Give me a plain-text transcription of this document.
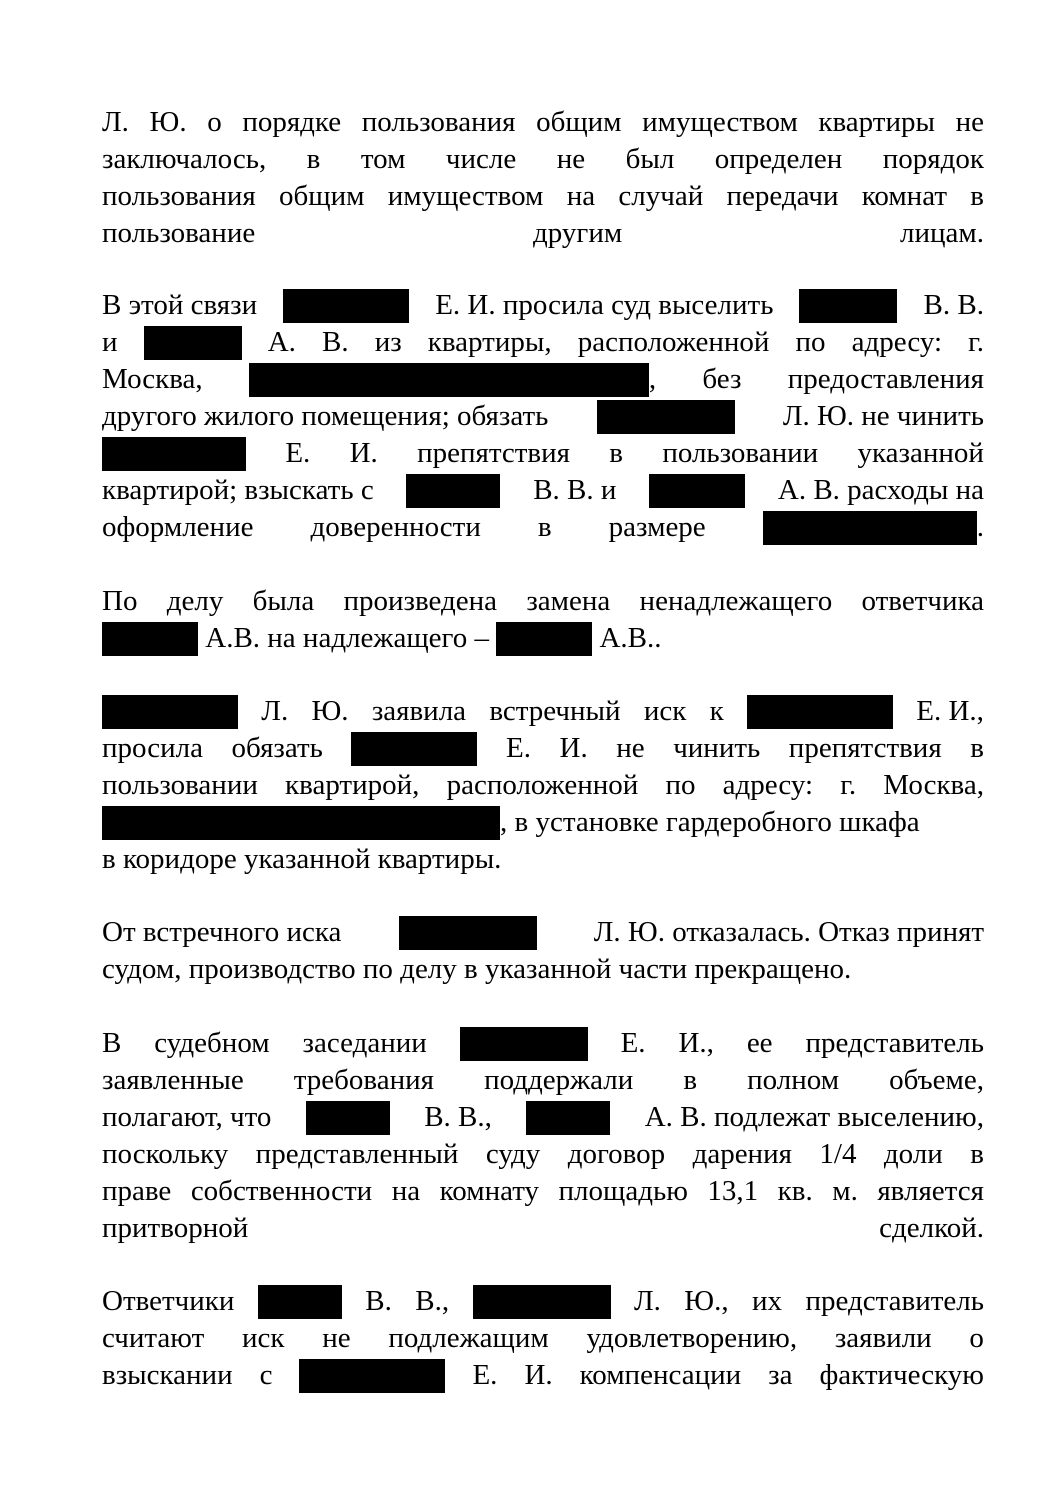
Л. Ю. о порядке пользования общим имуществом квартиры не
заключалось, в том числе не был определен порядок
пользования общим имуществом на случай передачи комнат в
пользование	другим	лицам.
В этой связи	Е. И. просила суд выселить	В. В.
и	А. В. из квартиры, расположенной по адресу: г.
Москва,	, без предоставления
другого жилого помещения; обязать	Л. Ю. не чинить
Е. И. препятствия в пользовании указанной
квартирой; взыскать с	В. В. и	А. В. расходы на
оформление доверенности в размере	.
По делу была произведена замена ненадлежащего ответчика
А.В. на надлежащего –	А.В..
Л. Ю. заявила встречный иск к	Е. И.,
просила обязать	Е. И. не чинить препятствия в
пользовании квартирой, расположенной по адресу: г. Москва,
, в установке гардеробного шкафа
в коридоре указанной квартиры.
От встречного иска	Л. Ю. отказалась. Отказ принят
судом, производство по делу в указанной части прекращено.
В судебном заседании	Е. И., ее представитель
заявленные требования поддержали в полном объеме,
полагают, что	В. В.,	А. В. подлежат выселению,
поскольку представленный суду договор дарения 1/4 доли в
праве собственности на комнату площадью 13,1 кв. м. является
притворной	сделкой.
Ответчики	В. В.,	Л. Ю., их представитель
считают иск не подлежащим удовлетворению, заявили о
взыскании с	Е. И. компенсации за фактическую
